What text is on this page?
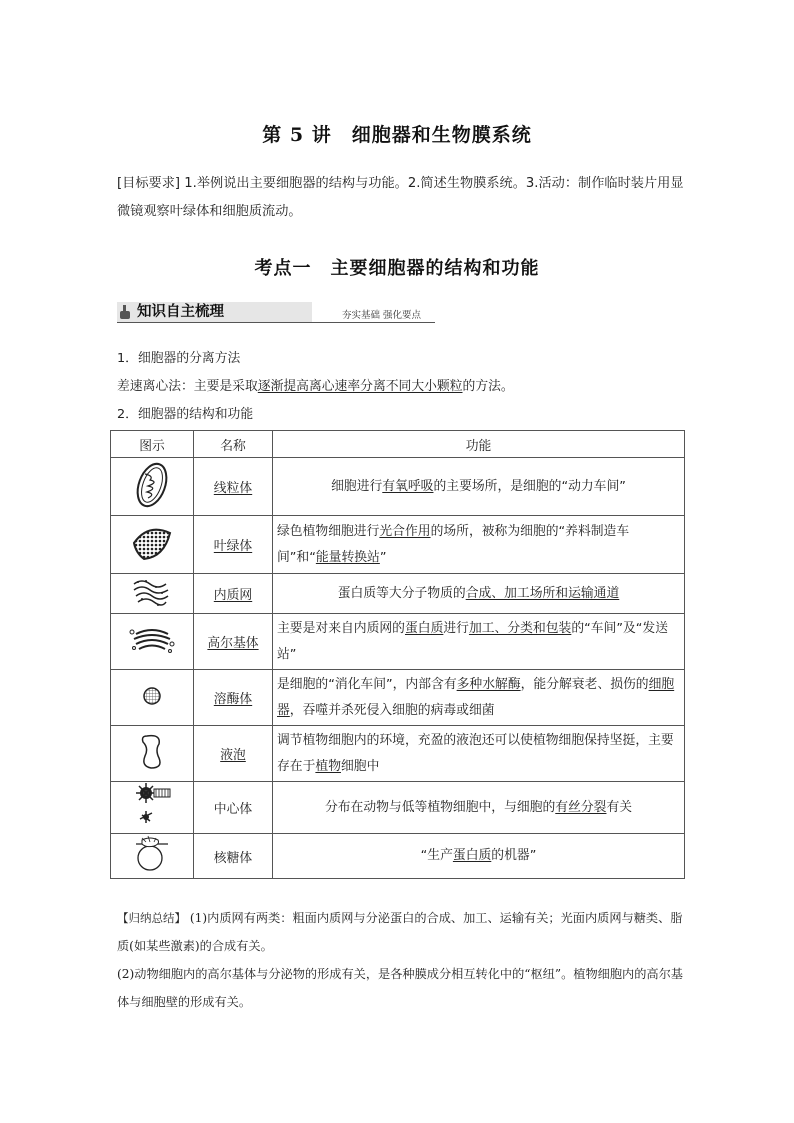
第 5 讲　细胞器和生物膜系统
[目标要求] 1.举例说出主要细胞器的结构与功能。2.简述生物膜系统。3.活动：制作临时装片用显微镜观察叶绿体和细胞质流动。
考点一　主要细胞器的结构和功能
知识自主梳理	夯实基础 强化要点
1．细胞器的分离方法
差速离心法：主要是采取逐渐提高离心速率分离不同大小颗粒的方法。
2．细胞器的结构和功能
图示	名称	功能
	线粒体	细胞进行有氧呼吸的主要场所，是细胞的“动力车间”
	叶绿体	绿色植物细胞进行光合作用的场所，被称为细胞的“养料制造车间”和“能量转换站”
	内质网	蛋白质等大分子物质的合成、加工场所和运输通道
	高尔基体	主要是对来自内质网的蛋白质进行加工、分类和包装的“车间”及“发送站”
	溶酶体	是细胞的“消化车间”，内部含有多种水解酶，能分解衰老、损伤的细胞器，吞噬并杀死侵入细胞的病毒或细菌
	液泡	调节植物细胞内的环境，充盈的液泡还可以使植物细胞保持坚挺，主要存在于植物细胞中
	中心体	分布在动物与低等植物细胞中，与细胞的有丝分裂有关
	核糖体	“生产蛋白质的机器”
【归纳总结】 (1)内质网有两类：粗面内质网与分泌蛋白的合成、加工、运输有关；光面内质网与糖类、脂质(如某些激素)的合成有关。
(2)动物细胞内的高尔基体与分泌物的形成有关，是各种膜成分相互转化中的“枢纽”。植物细胞内的高尔基体与细胞壁的形成有关。
